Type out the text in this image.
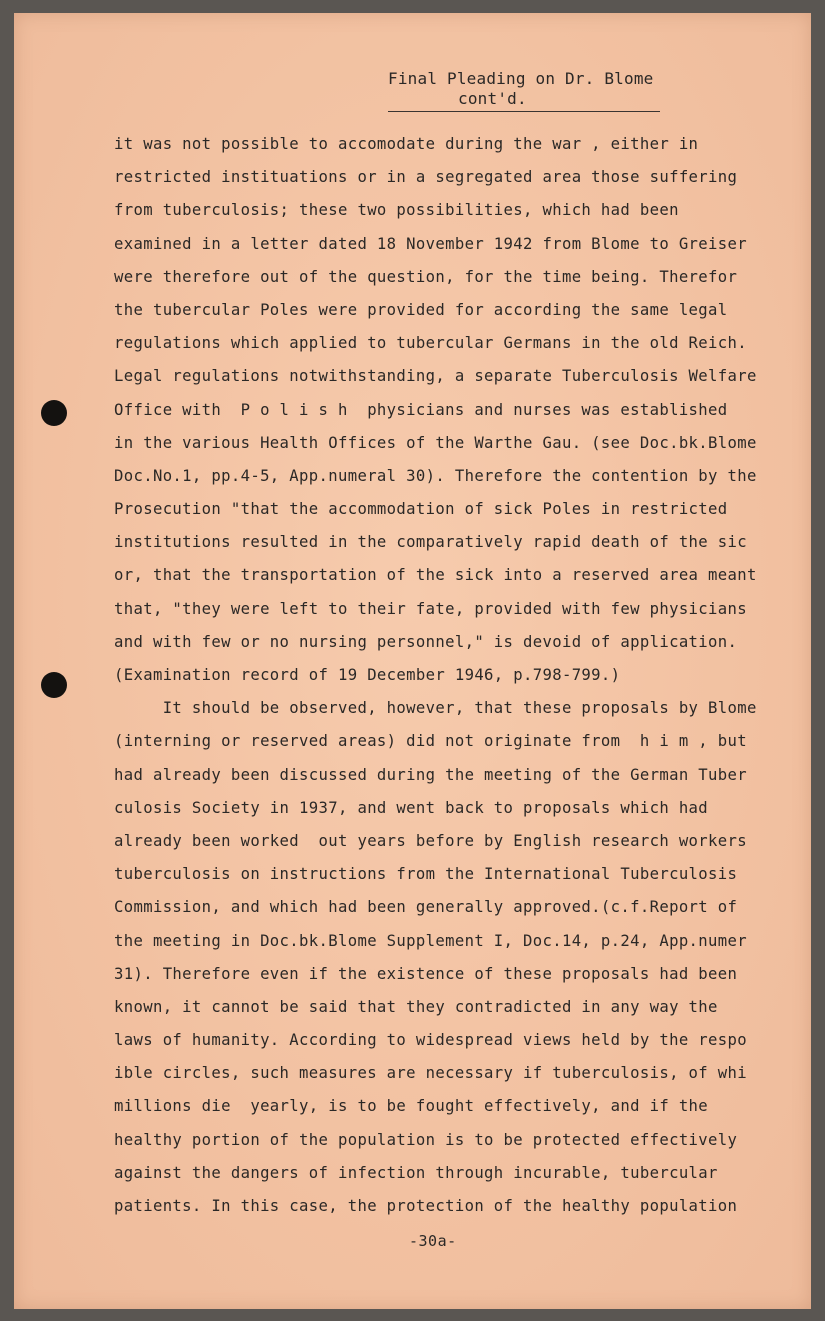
Final Pleading on Dr. Blome
cont'd.
it was not possible to accomodate during the war , either in
restricted instituations or in a segregated area those suffering
from tuberculosis; these two possibilities, which had been
examined in a letter dated 18 November 1942 from Blome to Greiser
were therefore out of the question, for the time being. Therefor
the tubercular Poles were provided for according the same legal
regulations which applied to tubercular Germans in the old Reich.
Legal regulations notwithstanding, a separate Tuberculosis Welfare
Office with  P o l i s h  physicians and nurses was established
in the various Health Offices of the Warthe Gau. (see Doc.bk.Blome
Doc.No.1, pp.4-5, App.numeral 30). Therefore the contention by the
Prosecution "that the accommodation of sick Poles in restricted
institutions resulted in the comparatively rapid death of the sic
or, that the transportation of the sick into a reserved area meant
that, "they were left to their fate, provided with few physicians
and with few or no nursing personnel," is devoid of application.
(Examination record of 19 December 1946, p.798-799.)
It should be observed, however, that these proposals by Blome
(interning or reserved areas) did not originate from  h i m , but
had already been discussed during the meeting of the German Tuber
culosis Society in 1937, and went back to proposals which had
already been worked  out years before by English research workers
tuberculosis on instructions from the International Tuberculosis
Commission, and which had been generally approved.(c.f.Report of
the meeting in Doc.bk.Blome Supplement I, Doc.14, p.24, App.numer
31). Therefore even if the existence of these proposals had been
known, it cannot be said that they contradicted in any way the
laws of humanity. According to widespread views held by the respo
ible circles, such measures are necessary if tuberculosis, of whi
millions die  yearly, is to be fought effectively, and if the
healthy portion of the population is to be protected effectively
against the dangers of infection through incurable, tubercular
patients. In this case, the protection of the healthy population
-30a-
